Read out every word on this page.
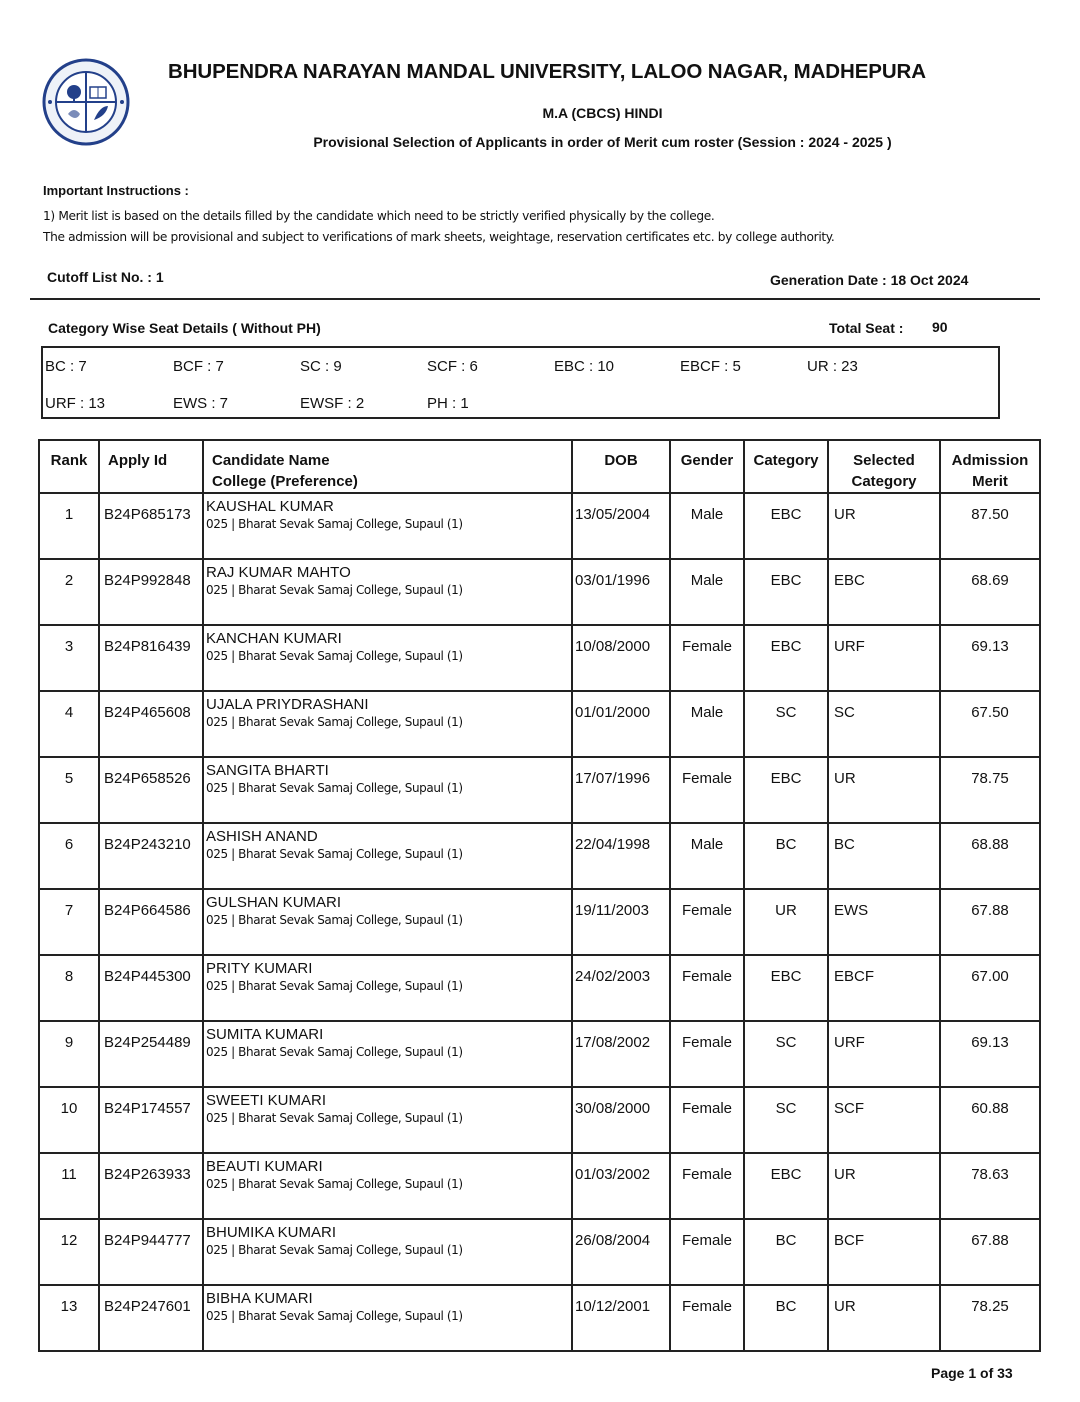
BHUPENDRA NARAYAN MANDAL UNIVERSITY, LALOO NAGAR, MADHEPURA
M.A (CBCS) HINDI
Provisional Selection of Applicants in order of Merit cum roster (Session : 2024 - 2025 )
Important Instructions :
1) Merit list is based on the details filled by the candidate which need to be strictly verified physically by the college.
The admission will be provisional and subject to verifications of mark sheets, weightage, reservation certificates etc. by college authority.
Cutoff List No. : 1	Generation Date : 18 Oct 2024
Category Wise Seat Details ( Without PH)	Total Seat : 90
BC : 7	BCF : 7	SC : 9	SCF : 6	EBC : 10	EBCF : 5	UR : 23
URF : 13	EWS : 7	EWSF : 2	PH : 1
Rank	Apply Id	Candidate Name
College (Preference)	DOB	Gender	Category	Selected
Category	Admission
Merit
1	B24P685173	KAUSHAL KUMAR
025 | Bharat Sevak Samaj College, Supaul (1)	13/05/2004	Male	EBC	UR	87.50
2	B24P992848	RAJ KUMAR MAHTO
025 | Bharat Sevak Samaj College, Supaul (1)	03/01/1996	Male	EBC	EBC	68.69
3	B24P816439	KANCHAN KUMARI
025 | Bharat Sevak Samaj College, Supaul (1)	10/08/2000	Female	EBC	URF	69.13
4	B24P465608	UJALA PRIYDRASHANI
025 | Bharat Sevak Samaj College, Supaul (1)	01/01/2000	Male	SC	SC	67.50
5	B24P658526	SANGITA BHARTI
025 | Bharat Sevak Samaj College, Supaul (1)	17/07/1996	Female	EBC	UR	78.75
6	B24P243210	ASHISH ANAND
025 | Bharat Sevak Samaj College, Supaul (1)	22/04/1998	Male	BC	BC	68.88
7	B24P664586	GULSHAN KUMARI
025 | Bharat Sevak Samaj College, Supaul (1)	19/11/2003	Female	UR	EWS	67.88
8	B24P445300	PRITY KUMARI
025 | Bharat Sevak Samaj College, Supaul (1)	24/02/2003	Female	EBC	EBCF	67.00
9	B24P254489	SUMITA KUMARI
025 | Bharat Sevak Samaj College, Supaul (1)	17/08/2002	Female	SC	URF	69.13
10	B24P174557	SWEETI KUMARI
025 | Bharat Sevak Samaj College, Supaul (1)	30/08/2000	Female	SC	SCF	60.88
11	B24P263933	BEAUTI KUMARI
025 | Bharat Sevak Samaj College, Supaul (1)	01/03/2002	Female	EBC	UR	78.63
12	B24P944777	BHUMIKA KUMARI
025 | Bharat Sevak Samaj College, Supaul (1)	26/08/2004	Female	BC	BCF	67.88
13	B24P247601	BIBHA KUMARI
025 | Bharat Sevak Samaj College, Supaul (1)	10/12/2001	Female	BC	UR	78.25
Page 1 of 33
